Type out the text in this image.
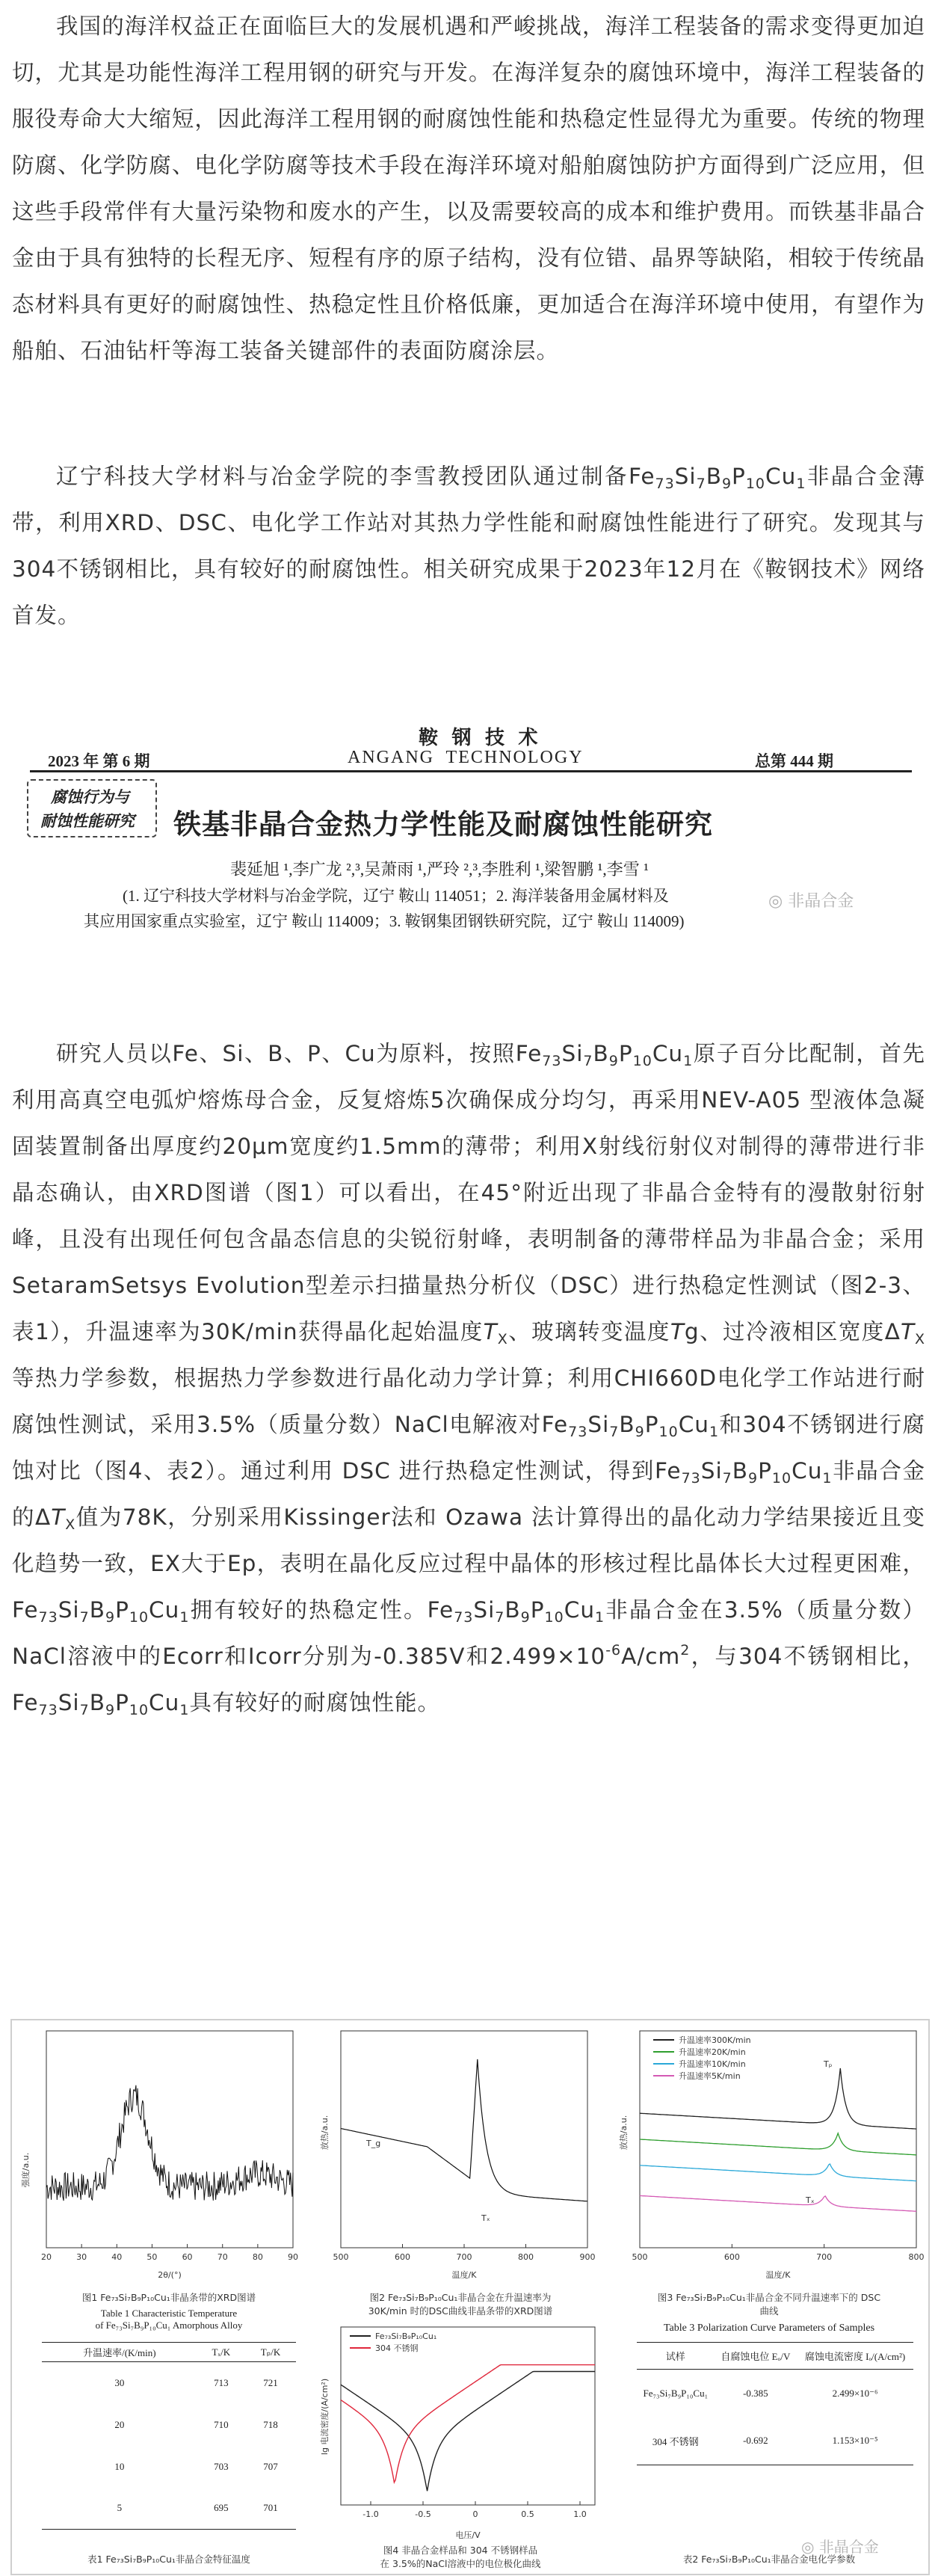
我国的海洋权益正在面临巨大的发展机遇和严峻挑战，海洋工程装备的需求变得更加迫切，尤其是功能性海洋工程用钢的研究与开发。在海洋复杂的腐蚀环境中，海洋工程装备的服役寿命大大缩短，因此海洋工程用钢的耐腐蚀性能和热稳定性显得尤为重要。传统的物理防腐、化学防腐、电化学防腐等技术手段在海洋环境对船舶腐蚀防护方面得到广泛应用，但这些手段常伴有大量污染物和废水的产生，以及需要较高的成本和维护费用。而铁基非晶合金由于具有独特的长程无序、短程有序的原子结构，没有位错、晶界等缺陷，相较于传统晶态材料具有更好的耐腐蚀性、热稳定性且价格低廉，更加适合在海洋环境中使用，有望作为船舶、石油钻杆等海工装备关键部件的表面防腐涂层。

辽宁科技大学材料与冶金学院的李雪教授团队通过制备$Fe_{73}Si_7B_9P_{10}Cu_1$非晶合金薄带，利用XRD、DSC、电化学工作站对其热力学性能和耐腐蚀性能进行了研究。发现其与304不锈钢相比，具有较好的耐腐蚀性。相关研究成果于2023年12月在《鞍钢技术》网络首发。

鞍 钢 技 术
2023 年 第 6 期	ANGANG  TECHNOLOGY	总第 444 期
腐蚀行为与
耐蚀性能研究 铁基非晶合金热力学性能及耐腐蚀性能研究
裴延旭 ¹,李广龙 ²,³,吴萧雨 ¹,严玲 ²,³,李胜利 ¹,梁智鹏 ¹,李雪 ¹
(1. 辽宁科技大学材料与冶金学院，辽宁 鞍山 114051；2. 海洋装备用金属材料及
其应用国家重点实验室，辽宁 鞍山 114009；3. 鞍钢集团钢铁研究院，辽宁 鞍山 114009)
◎ 非晶合金

研究人员以Fe、Si、B、P、Cu为原料，按照$Fe_{73}Si_7B_9P_{10}Cu_1$原子百分比配制，首先利用高真空电弧炉熔炼母合金，反复熔炼5次确保成分均匀，再采用NEV-A05 型液体急凝固装置制备出厚度约20μm宽度约1.5mm的薄带；利用X射线衍射仪对制得的薄带进行非晶态确认，由XRD图谱（图1）可以看出，在45°附近出现了非晶合金特有的漫散射衍射峰，且没有出现任何包含晶态信息的尖锐衍射峰，表明制备的薄带样品为非晶合金；采用SetaramSetsys Evolution型差示扫描量热分析仪（DSC）进行热稳定性测试（图2-3、表1），升温速率为30K/min获得晶化起始温度$T_X$、玻璃转变温度Tg、过冷液相区宽度$\Delta T_X$等热力学参数，根据热力学参数进行晶化动力学计算；利用CHI660D电化学工作站进行耐腐蚀性测试，采用3.5%（质量分数）NaCl电解液对$Fe_{73}Si_7B_9P_{10}Cu_1$和304不锈钢进行腐蚀对比（图4、表2）。通过利用 DSC 进行热稳定性测试，得到$Fe_{73}Si_7B_9P_{10}Cu_1$非晶合金的$\Delta T_X$值为78K，分别采用Kissinger法和 Ozawa 法计算得出的晶化动力学结果接近且变化趋势一致，EX大于Ep，表明在晶化反应过程中晶体的形核过程比晶体长大过程更困难，$Fe_{73}Si_7B_9P_{10}Cu_1$拥有较好的热稳定性。$Fe_{73}Si_7B_9P_{10}Cu_1$非晶合金在3.5%（质量分数）NaCl溶液中的Ecorr和Icorr分别为-0.385V和$2.499\times 10^{-6}A/cm^2$，与304不锈钢相比，$Fe_{73}Si_7B_9P_{10}Cu_1$具有较好的耐腐蚀性能。

强度/a.u.
20	30	40	50	60	70	80	90
2θ/(°)
图1 Fe₇₃Si₇B₉P₁₀Cu₁非晶条带的XRD图谱
Table 1 Characteristic Temperature
of Fe₇₃Si₇B₉P₁₀Cu₁ Amorphous Alloy
升温速率/(K/min)	Tₓ/K	Tₚ/K
30	713	721
20	710	718
10	703	707
5	695	701
表1 Fe₇₃Si₇B₉P₁₀Cu₁非晶合金特征温度
放热/a.u.	T_g
Tₓ
500	600	700	800	900
温度/K
图2 Fe₇₃Si₇B₉P₁₀Cu₁非晶合金在升温速率为
30K/min 时的DSC曲线非晶条带的XRD图谱
放热/a.u.
升温速率300K/min
升温速率20K/min
升温速率10K/min
升温速率5K/min
Tₚ
Tₓ
500	600	700	800
温度/K
图3 Fe₇₃Si₇B₉P₁₀Cu₁非晶合金不同升温速率下的 DSC
曲线
lg 电流密度/(A/cm²)
Fe₇₃Si₇B₉P₁₀Cu₁
304 不锈钢
-1.0	-0.5	0	0.5	1.0
电压/V
图4 非晶合金样品和 304 不锈钢样品
在 3.5%的NaCl溶液中的电位极化曲线
Table 3 Polarization Curve Parameters of Samples
试样	自腐蚀电位 Eₒ/V	腐蚀电流密度 Iₒ/(A/cm²)
Fe₇₃Si₇B₉P₁₀Cu₁	-0.385	2.499×10⁻⁶
304 不锈钢	-0.692	1.153×10⁻⁵
表2 Fe₇₃Si₇B₉P₁₀Cu₁非晶合金电化学参数
◎ 非晶合金
